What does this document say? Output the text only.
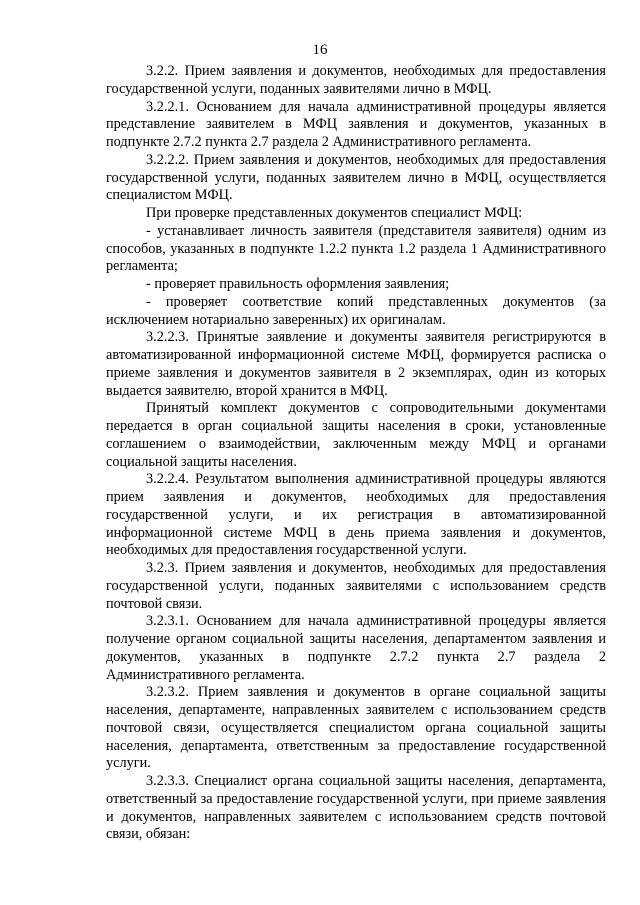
16

3.2.2. Прием заявления и документов, необходимых для предоставления государственной услуги, поданных заявителями лично в МФЦ.

3.2.2.1. Основанием для начала административной процедуры является представление заявителем в МФЦ заявления и документов, указанных в подпункте 2.7.2 пункта 2.7 раздела 2 Административного регламента.

3.2.2.2. Прием заявления и документов, необходимых для предоставления государственной услуги, поданных заявителем лично в МФЦ, осуществляется специалистом МФЦ.

При проверке представленных документов специалист МФЦ:

- устанавливает личность заявителя (представителя заявителя) одним из способов, указанных в подпункте 1.2.2 пункта 1.2 раздела 1 Административного регламента;

- проверяет правильность оформления заявления;

- проверяет соответствие копий представленных документов (за исключением нотариально заверенных) их оригиналам.

3.2.2.3. Принятые заявление и документы заявителя регистрируются в автоматизированной информационной системе МФЦ, формируется расписка о приеме заявления и документов заявителя в 2 экземплярах, один из которых выдается заявителю, второй хранится в МФЦ.

Принятый комплект документов с сопроводительными документами передается в орган социальной защиты населения в сроки, установленные соглашением о взаимодействии, заключенным между МФЦ и органами социальной защиты населения.

3.2.2.4. Результатом выполнения административной процедуры являются прием заявления и документов, необходимых для предоставления государственной услуги, и их регистрация в автоматизированной информационной системе МФЦ в день приема заявления и документов, необходимых для предоставления государственной услуги.

3.2.3. Прием заявления и документов, необходимых для предоставления государственной услуги, поданных заявителями с использованием средств почтовой связи.

3.2.3.1. Основанием для начала административной процедуры является получение органом социальной защиты населения, департаментом заявления и документов, указанных в подпункте 2.7.2 пункта 2.7 раздела 2 Административного регламента.

3.2.3.2. Прием заявления и документов в органе социальной защиты населения, департаменте, направленных заявителем с использованием средств почтовой связи, осуществляется специалистом органа социальной защиты населения, департамента, ответственным за предоставление государственной услуги.

3.2.3.3. Специалист органа социальной защиты населения, департамента, ответственный за предоставление государственной услуги, при приеме заявления и документов, направленных заявителем с использованием средств почтовой связи, обязан:
